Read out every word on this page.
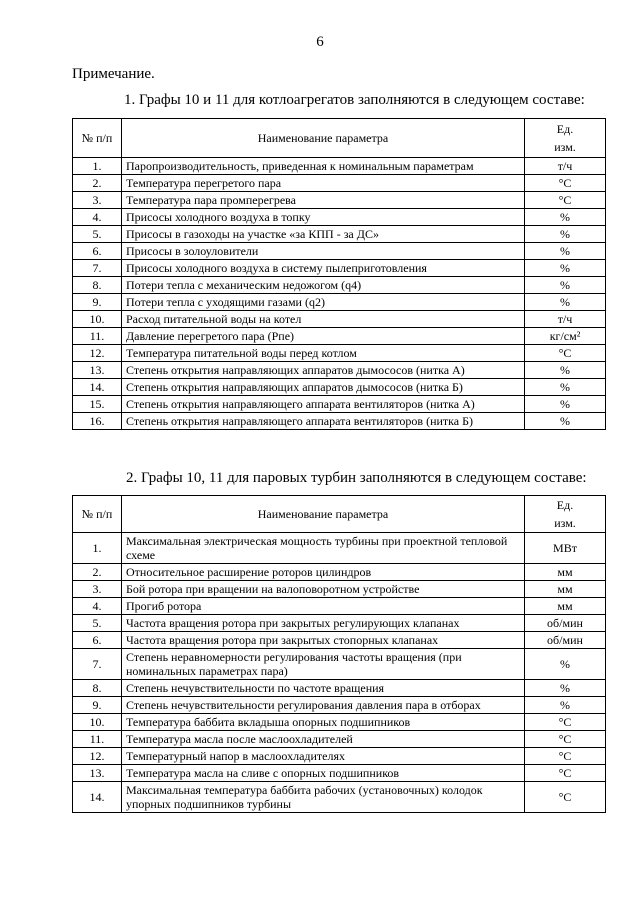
6
Примечание.
1. Графы 10 и 11 для котлоагрегатов заполняются в следующем составе:
№ п/п	Наименование параметра	Ед.
изм.
1.	Паропроизводительность, приведенная к номинальным параметрам	т/ч
2.	Температура перегретого пара	°С
3.	Температура пара промперегрева	°С
4.	Присосы холодного воздуха в топку	%
5.	Присосы в газоходы на участке «за КПП - за ДС»	%
6.	Присосы в золоуловители	%
7.	Присосы холодного воздуха в систему пылеприготовления	%
8.	Потери тепла с механическим недожогом (q4)	%
9.	Потери тепла с уходящими газами (q2)	%
10.	Расход питательной воды на котел	т/ч
11.	Давление перегретого пара (Рпе)	кг/см²
12.	Температура питательной воды перед котлом	°С
13.	Степень открытия направляющих аппаратов дымососов (нитка А)	%
14.	Степень открытия направляющих аппаратов дымососов (нитка Б)	%
15.	Степень открытия направляющего аппарата вентиляторов (нитка А)	%
16.	Степень открытия направляющего аппарата вентиляторов (нитка Б)	%
2. Графы 10, 11 для паровых турбин заполняются в следующем составе:
№ п/п	Наименование параметра	Ед.
изм.
1.	Максимальная электрическая мощность турбины при проектной тепловой схеме	МВт
2.	Относительное расширение роторов цилиндров	мм
3.	Бой ротора при вращении на валоповоротном устройстве	мм
4.	Прогиб ротора	мм
5.	Частота вращения ротора при закрытых регулирующих клапанах	об/мин
6.	Частота вращения ротора при закрытых стопорных клапанах	об/мин
7.	Степень неравномерности регулирования частоты вращения (при номинальных параметрах пара)	%
8.	Степень нечувствительности по частоте вращения	%
9.	Степень нечувствительности регулирования давления пара в отборах	%
10.	Температура баббита вкладыша опорных подшипников	°С
11.	Температура масла после маслоохладителей	°С
12.	Температурный напор в маслоохладителях	°С
13.	Температура масла на сливе с опорных подшипников	°С
14.	Максимальная температура баббита рабочих (установочных) колодок упорных подшипников турбины	°С
